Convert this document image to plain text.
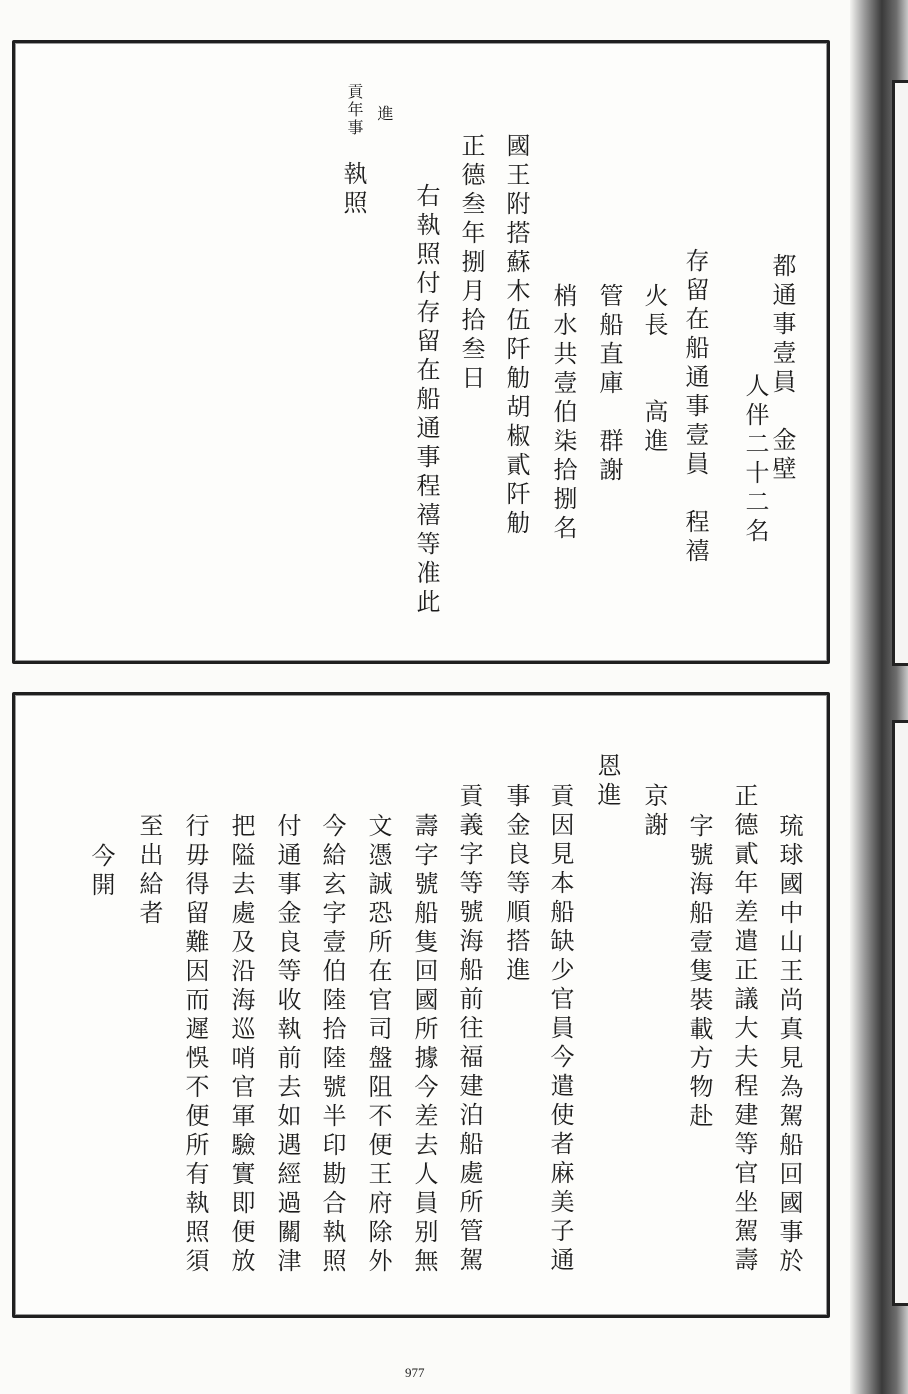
都通事壹員　金壁
人伴二十二名
存留在船通事壹員　程禧
火長　　高進
管船直庫　群謝
梢水共壹伯柒拾捌名
國王附搭蘇木伍阡觔胡椒貳阡觔
正德叁年捌月拾叁日
右執照付存留在船通事程禧等准此
進
貢年事
執照
琉球國中山王尚真見為駕船回國事於
正德貳年差遣正議大夫程建等官坐駕壽
字號海船壹隻裝載方物赴
京謝
恩進
貢因見本船缺少官員今遣使者麻美子通
事金良等順搭進
貢義字等號海船前往福建泊船處所管駕
壽字號船隻回國所據今差去人員别無
文憑誠恐所在官司盤阻不便王府除外
今給玄字壹伯陸拾陸號半印勘合執照
付通事金良等收執前去如遇經過關津
把隘去處及沿海巡哨官軍驗實即便放
行毋得留難因而遲悞不便所有執照須
至出給者
今開
977
